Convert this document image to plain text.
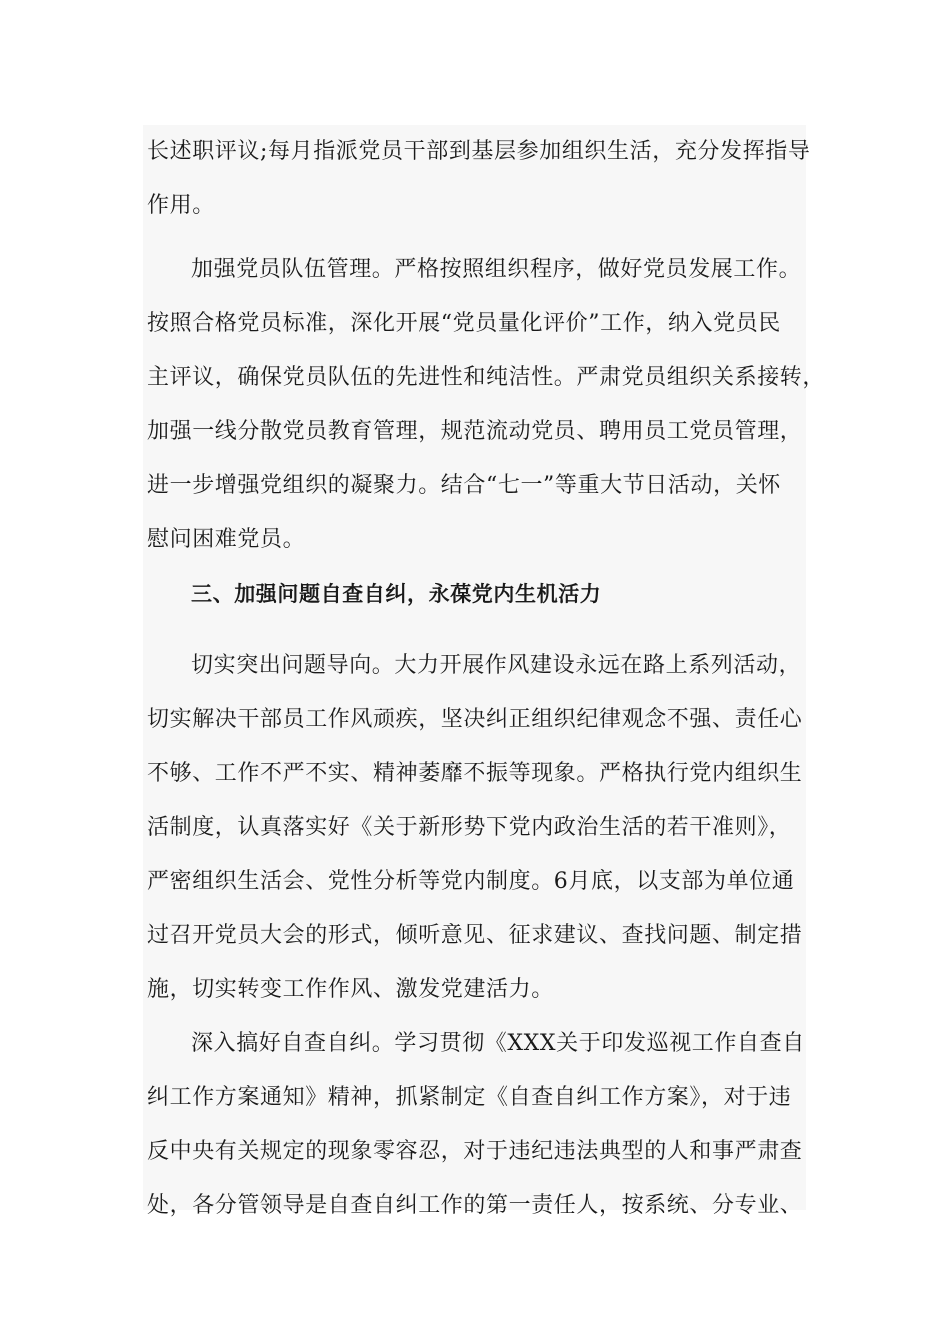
长述职评议;每月指派党员干部到基层参加组织生活，充分发挥指导
作用。
加强党员队伍管理。严格按照组织程序，做好党员发展工作。
按照合格党员标准，深化开展“党员量化评价”工作，纳入党员民
主评议，确保党员队伍的先进性和纯洁性。严肃党员组织关系接转，
加强一线分散党员教育管理，规范流动党员、聘用员工党员管理，
进一步增强党组织的凝聚力。结合“七一”等重大节日活动，关怀
慰问困难党员。
三、加强问题自查自纠，永葆党内生机活力
切实突出问题导向。大力开展作风建设永远在路上系列活动，
切实解决干部员工作风顽疾，坚决纠正组织纪律观念不强、责任心
不够、工作不严不实、精神萎靡不振等现象。严格执行党内组织生
活制度，认真落实好《关于新形势下党内政治生活的若干准则》，
严密组织生活会、党性分析等党内制度。6月底，以支部为单位通
过召开党员大会的形式，倾听意见、征求建议、查找问题、制定措
施，切实转变工作作风、激发党建活力。
深入搞好自查自纠。学习贯彻《XXX关于印发巡视工作自查自
纠工作方案通知》精神，抓紧制定《自查自纠工作方案》，对于违
反中央有关规定的现象零容忍，对于违纪违法典型的人和事严肃查
处，各分管领导是自查自纠工作的第一责任人，按系统、分专业、
